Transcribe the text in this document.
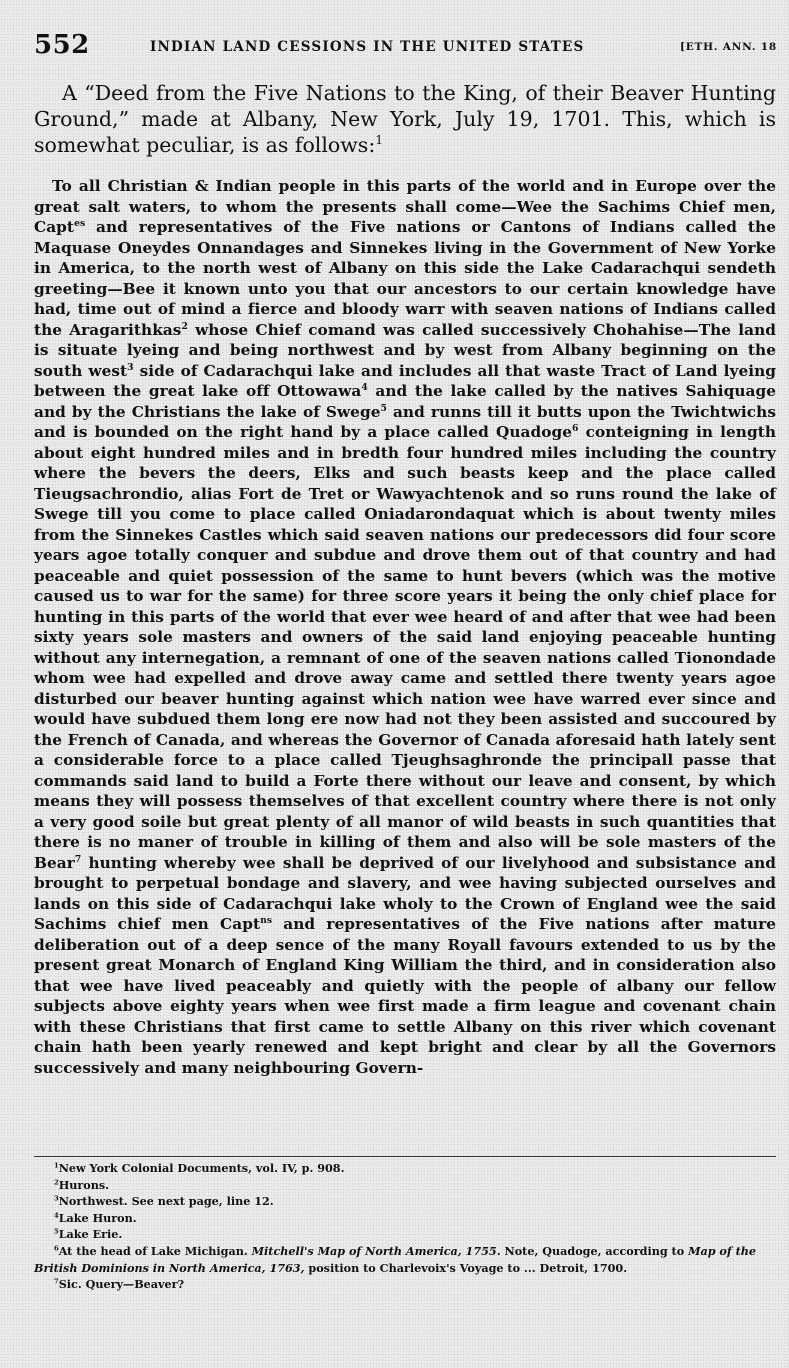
552	INDIAN LAND CESSIONS IN THE UNITED STATES	[ETH. ANN. 18

A “Deed from the Five Nations to the King, of their Beaver Hunting Ground,” made at Albany, New York, July 19, 1701. This, which is somewhat peculiar, is as follows:$^1$

To all Christian & Indian people in this parts of the world and in Europe over the great salt waters, to whom the presents shall come—Wee the Sachims Chief men, Capt$^{es}$ and representatives of the Five nations or Cantons of Indians called the Maquase Oneydes Onnandages and Sinnekes living in the Government of New Yorke in America, to the north west of Albany on this side the Lake Cadarachqui sendeth greeting—Bee it known unto you that our ancestors to our certain knowledge have had, time out of mind a fierce and bloody warr with seaven nations of Indians called the Aragarithkas$^2$ whose Chief comand was called successively Chohahise—The land is situate lyeing and being northwest and by west from Albany beginning on the south west$^3$ side of Cadarachqui lake and includes all that waste Tract of Land lyeing between the great lake off Ottowawa$^4$ and the lake called by the natives Sahiquage and by the Christians the lake of Swege$^5$ and runns till it butts upon the Twichtwichs and is bounded on the right hand by a place called Quadoge$^6$ conteigning in length about eight hundred miles and in bredth four hundred miles including the country where the bevers the deers, Elks and such beasts keep and the place called Tieugsachrondio, alias Fort de Tret or Wawyachtenok and so runs round the lake of Swege till you come to place called Oniadarondaquat which is about twenty miles from the Sinnekes Castles which said seaven nations our predecessors did four score years agoe totally conquer and subdue and drove them out of that country and had peaceable and quiet possession of the same to hunt bevers (which was the motive caused us to war for the same) for three score years it being the only chief place for hunting in this parts of the world that ever wee heard of and after that wee had been sixty years sole masters and owners of the said land enjoying peaceable hunting without any internegation, a remnant of one of the seaven nations called Tionondade whom wee had expelled and drove away came and settled there twenty years agoe disturbed our beaver hunting against which nation wee have warred ever since and would have subdued them long ere now had not they been assisted and succoured by the French of Canada, and whereas the Governor of Canada aforesaid hath lately sent a considerable force to a place called Tjeughsaghronde the principall passe that commands said land to build a Forte there without our leave and consent, by which means they will possess themselves of that excellent country where there is not only a very good soile but great plenty of all manor of wild beasts in such quantities that there is no maner of trouble in killing of them and also will be sole masters of the Bear$^7$ hunting whereby wee shall be deprived of our livelyhood and subsistance and brought to perpetual bondage and slavery, and wee having subjected ourselves and lands on this side of Cadarachqui lake wholy to the Crown of England wee the said Sachims chief men Capt$^{ns}$ and representatives of the Five nations after mature deliberation out of a deep sence of the many Royall favours extended to us by the present great Monarch of England King William the third, and in consideration also that wee have lived peaceably and quietly with the people of albany our fellow subjects above eighty years when wee first made a firm league and covenant chain with these Christians that first came to settle Albany on this river which covenant chain hath been yearly renewed and kept bright and clear by all the Governors successively and many neighbouring Govern-

$^1$New York Colonial Documents, vol. IV, p. 908.
$^2$Hurons.
$^3$Northwest. See next page, line 12.
$^4$Lake Huron.
$^5$Lake Erie.
$^6$At the head of Lake Michigan. Mitchell's Map of North America, 1755. Note, Quadoge, according to Map of the British Dominions in North America, 1763, position to Charlevoix's Voyage to ... Detroit, 1700.
$^7$Sic. Query—Beaver?
